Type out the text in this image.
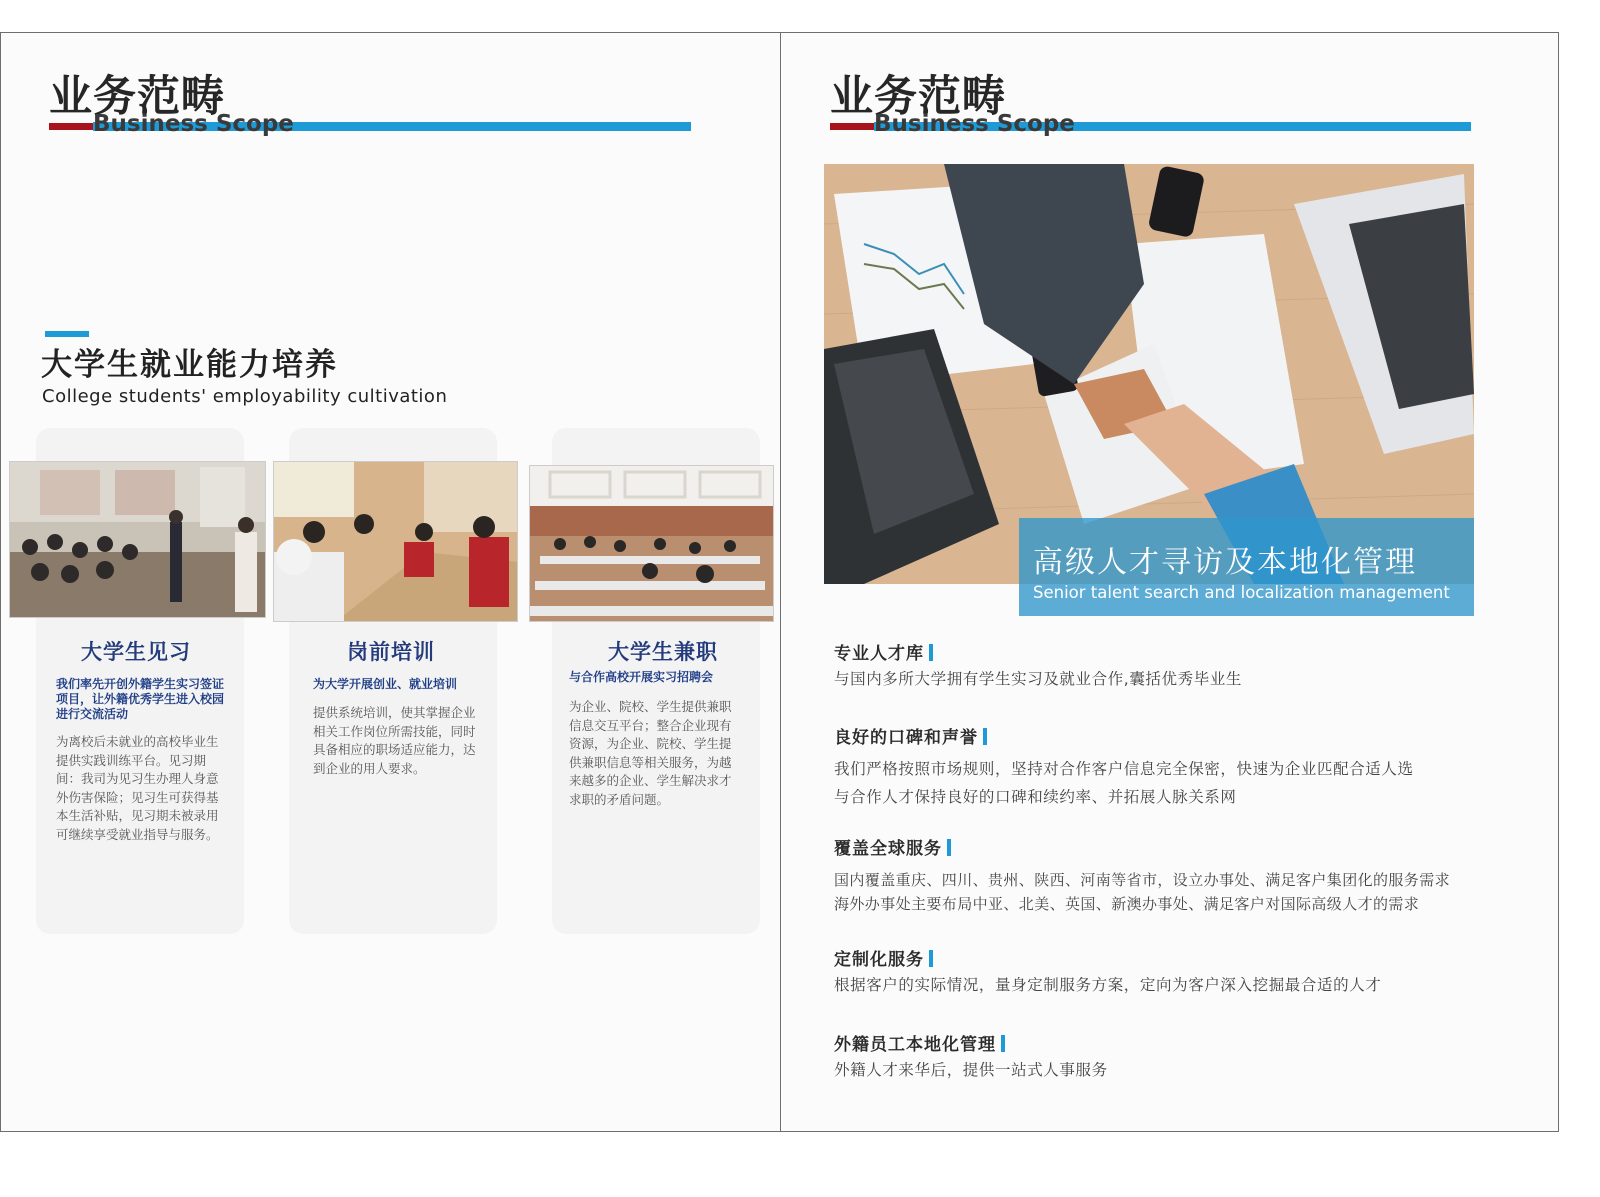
业务范畴
Business Scope
大学生就业能力培养
College students' employability cultivation
大学生见习
我们率先开创外籍学生实习签证项目，让外籍优秀学生进入校园进行交流活动
为离校后未就业的高校毕业生提供实践训练平台。见习期间：我司为见习生办理人身意外伤害保险；见习生可获得基本生活补贴，见习期未被录用可继续享受就业指导与服务。
岗前培训
为大学开展创业、就业培训
提供系统培训，使其掌握企业相关工作岗位所需技能，同时具备相应的职场适应能力，达到企业的用人要求。
大学生兼职
与合作高校开展实习招聘会
为企业、院校、学生提供兼职信息交互平台；整合企业现有资源，为企业、院校、学生提供兼职信息等相关服务，为越来越多的企业、学生解决求才求职的矛盾问题。
业务范畴
Business Scope
高级人才寻访及本地化管理
Senior talent search and localization management
专业人才库
与国内多所大学拥有学生实习及就业合作,囊括优秀毕业生
良好的口碑和声誉
我们严格按照市场规则，坚持对合作客户信息完全保密，快速为企业匹配合适人选
与合作人才保持良好的口碑和续约率、并拓展人脉关系网
覆盖全球服务
国内覆盖重庆、四川、贵州、陕西、河南等省市，设立办事处、满足客户集团化的服务需求
海外办事处主要布局中亚、北美、英国、新澳办事处、满足客户对国际高级人才的需求
定制化服务
根据客户的实际情况，量身定制服务方案，定向为客户深入挖掘最合适的人才
外籍员工本地化管理
外籍人才来华后，提供一站式人事服务
